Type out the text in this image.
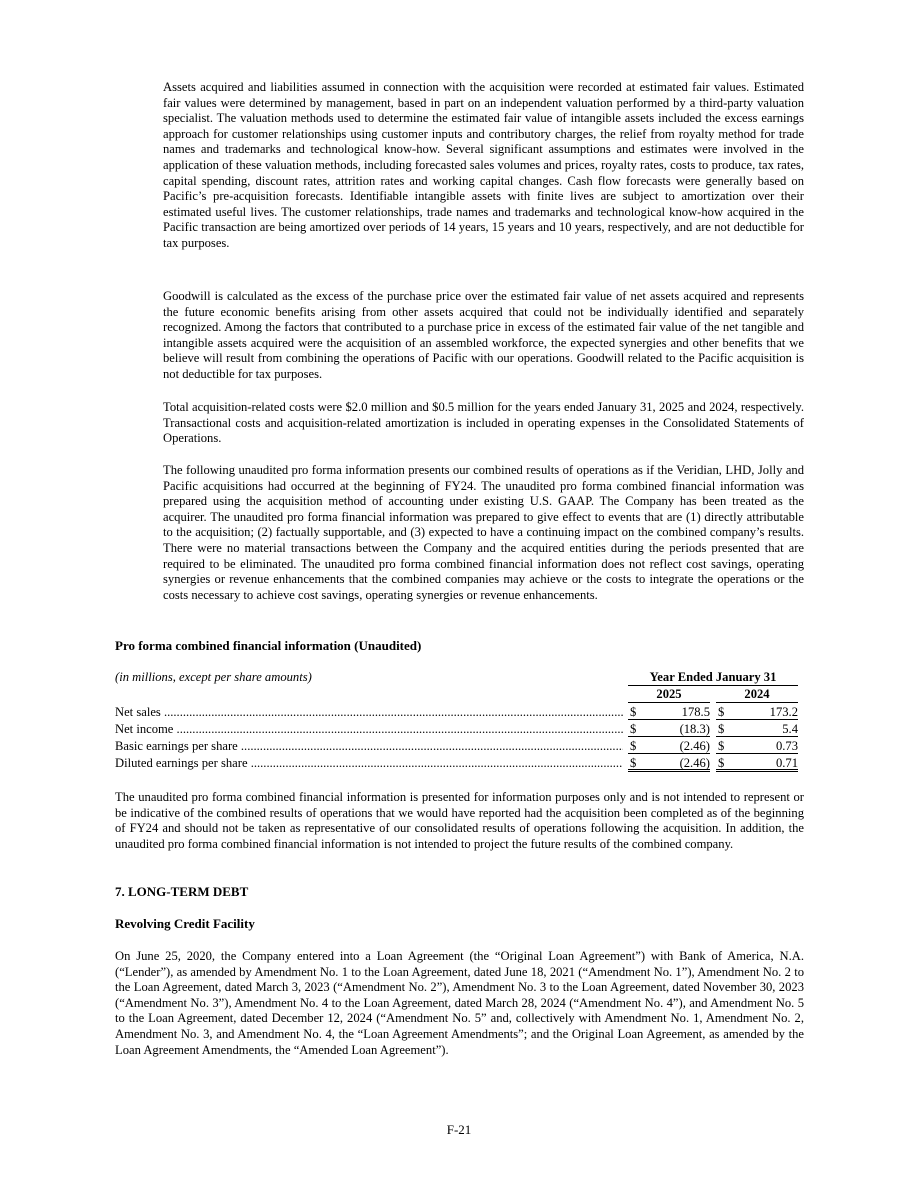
Assets acquired and liabilities assumed in connection with the acquisition were recorded at estimated fair values. Estimated fair values were determined by management, based in part on an independent valuation performed by a third-party valuation specialist. The valuation methods used to determine the estimated fair value of intangible assets included the excess earnings approach for customer relationships using customer inputs and contributory charges, the relief from royalty method for trade names and trademarks and technological know-how. Several significant assumptions and estimates were involved in the application of these valuation methods, including forecasted sales volumes and prices, royalty rates, costs to produce, tax rates, capital spending, discount rates, attrition rates and working capital changes. Cash flow forecasts were generally based on Pacific’s pre-acquisition forecasts. Identifiable intangible assets with finite lives are subject to amortization over their estimated useful lives. The customer relationships, trade names and trademarks and technological know-how acquired in the Pacific transaction are being amortized over periods of 14 years, 15 years and 10 years, respectively, and are not deductible for tax purposes.

Goodwill is calculated as the excess of the purchase price over the estimated fair value of net assets acquired and represents the future economic benefits arising from other assets acquired that could not be individually identified and separately recognized. Among the factors that contributed to a purchase price in excess of the estimated fair value of the net tangible and intangible assets acquired were the acquisition of an assembled workforce, the expected synergies and other benefits that we believe will result from combining the operations of Pacific with our operations. Goodwill related to the Pacific acquisition is not deductible for tax purposes.

Total acquisition-related costs were $2.0 million and $0.5 million for the years ended January 31, 2025 and 2024, respectively. Transactional costs and acquisition-related amortization is included in operating expenses in the Consolidated Statements of Operations.

The following unaudited pro forma information presents our combined results of operations as if the Veridian, LHD, Jolly and Pacific acquisitions had occurred at the beginning of FY24. The unaudited pro forma combined financial information was prepared using the acquisition method of accounting under existing U.S. GAAP. The Company has been treated as the acquirer. The unaudited pro forma financial information was prepared to give effect to events that are (1) directly attributable to the acquisition; (2) factually supportable, and (3) expected to have a continuing impact on the combined company’s results. There were no material transactions between the Company and the acquired entities during the periods presented that are required to be eliminated. The unaudited pro forma combined financial information does not reflect cost savings, operating synergies or revenue enhancements that the combined companies may achieve or the costs to integrate the operations or the costs necessary to achieve cost savings, operating synergies or revenue enhancements.

Pro forma combined financial information (Unaudited)

(in millions, except per share amounts)	Year Ended January 31
2025	2024
Net sales .....	$	178.5 $	173.2
Net income .....	$	(18.3) $	5.4
Basic earnings per share .....	$	(2.46) $	0.73
Diluted earnings per share .....	$	(2.46) $	0.71

The unaudited pro forma combined financial information is presented for information purposes only and is not intended to represent or be indicative of the combined results of operations that we would have reported had the acquisition been completed as of the beginning of FY24 and should not be taken as representative of our consolidated results of operations following the acquisition. In addition, the unaudited pro forma combined financial information is not intended to project the future results of the combined company.

7. LONG-TERM DEBT

Revolving Credit Facility

On June 25, 2020, the Company entered into a Loan Agreement (the “Original Loan Agreement”) with Bank of America, N.A. (“Lender”), as amended by Amendment No. 1 to the Loan Agreement, dated June 18, 2021 (“Amendment No. 1”), Amendment No. 2 to the Loan Agreement, dated March 3, 2023 (“Amendment No. 2”), Amendment No. 3 to the Loan Agreement, dated November 30, 2023 (“Amendment No. 3”), Amendment No. 4 to the Loan Agreement, dated March 28, 2024 (“Amendment No. 4”), and Amendment No. 5 to the Loan Agreement, dated December 12, 2024 (“Amendment No. 5” and, collectively with Amendment No. 1, Amendment No. 2, Amendment No. 3, and Amendment No. 4, the “Loan Agreement Amendments”; and the Original Loan Agreement, as amended by the Loan Agreement Amendments, the “Amended Loan Agreement”).

F-21
